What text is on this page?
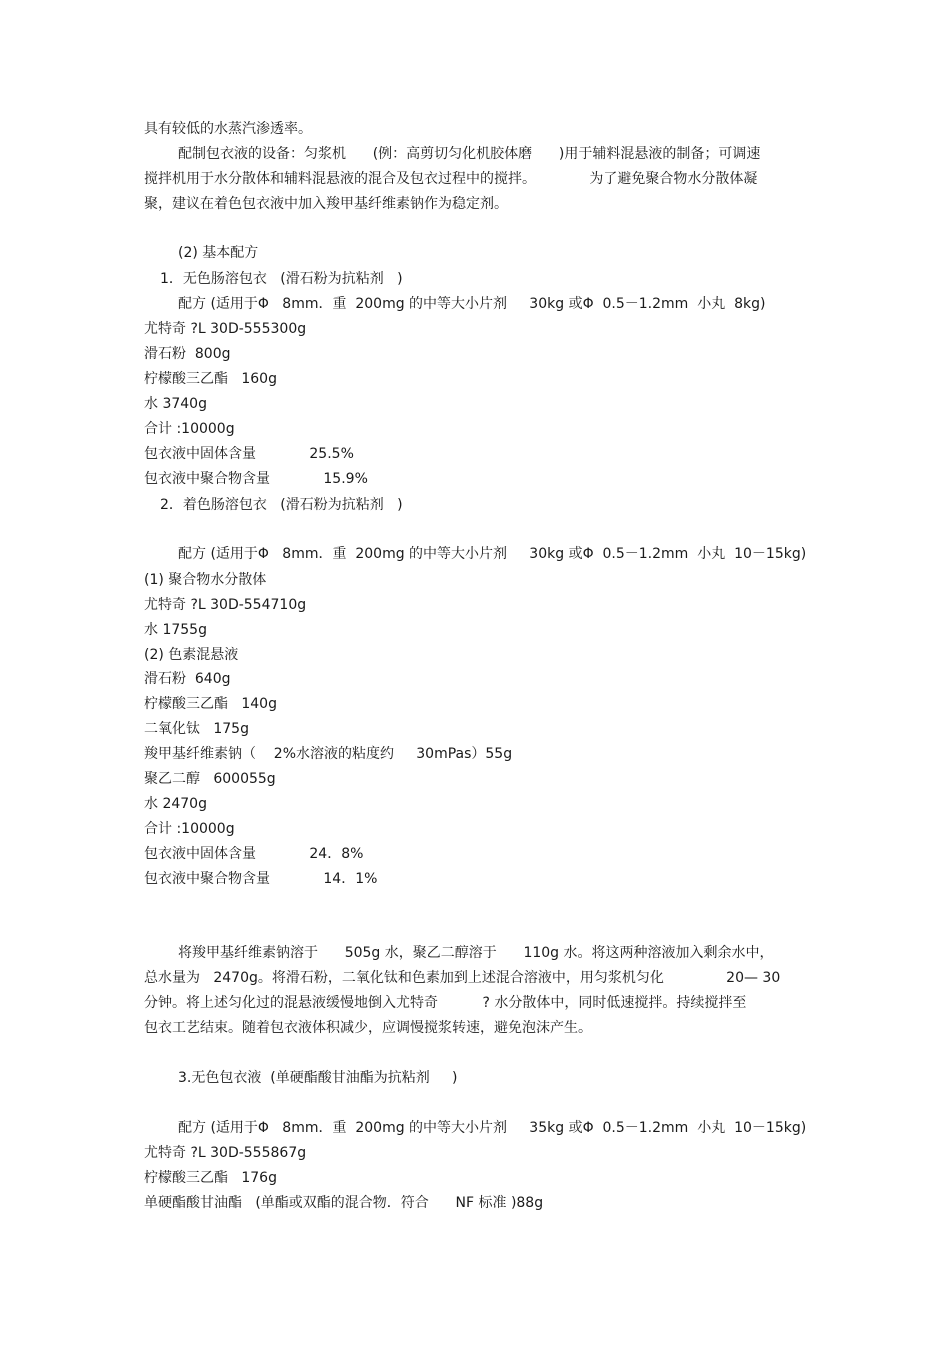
具有较低的水蒸汽渗透率。
配制包衣液的设备：匀浆机      (例：高剪切匀化机胶体磨      )用于辅料混悬液的制备；可调速
搅拌机用于水分散体和辅料混悬液的混合及包衣过程中的搅拌。            为了避免聚合物水分散体凝
聚，建议在着色包衣液中加入羧甲基纤维素钠作为稳定剂。
(2) 基本配方
1．无色肠溶包衣   (滑石粉为抗粘剂   )
配方 (适用于Φ   8mm．重  200mg 的中等大小片剂     30kg 或Φ  0.5－1.2mm  小丸  8kg)
尤特奇 ?L 30D-555300g
滑石粉  800g
柠檬酸三乙酯   160g
水 3740g
合计 :10000g
包衣液中固体含量            25.5%
包衣液中聚合物含量            15.9%
2．着色肠溶包衣   (滑石粉为抗粘剂   )
配方 (适用于Φ   8mm．重  200mg 的中等大小片剂     30kg 或Φ  0.5－1.2mm  小丸  10－15kg)
(1) 聚合物水分散体
尤特奇 ?L 30D-554710g
水 1755g
(2) 色素混悬液
滑石粉  640g
柠檬酸三乙酯   140g
二氧化钛   175g
羧甲基纤维素钠（    2%水溶液的粘度约     30mPas）55g
聚乙二醇   600055g
水 2470g
合计 :10000g
包衣液中固体含量            24．8%
包衣液中聚合物含量            14．1%
将羧甲基纤维素钠溶于      505g 水，聚乙二醇溶于      110g 水。将这两种溶液加入剩余水中，
总水量为   2470g。将滑石粉，二氧化钛和色素加到上述混合溶液中，用匀浆机匀化              20— 30
分钟。将上述匀化过的混悬液缓慢地倒入尤特奇          ? 水分散体中，同时低速搅拌。持续搅拌至
包衣工艺结束。随着包衣液体积减少，应调慢搅浆转速，避免泡沫产生。
3.无色包衣液  (单硬酯酸甘油酯为抗粘剂     )
配方 (适用于Φ   8mm．重  200mg 的中等大小片剂     35kg 或Φ  0.5－1.2mm  小丸  10－15kg)
尤特奇 ?L 30D-555867g
柠檬酸三乙酯   176g
单硬酯酸甘油酯   (单酯或双酯的混合物．符合      NF 标准 )88g
